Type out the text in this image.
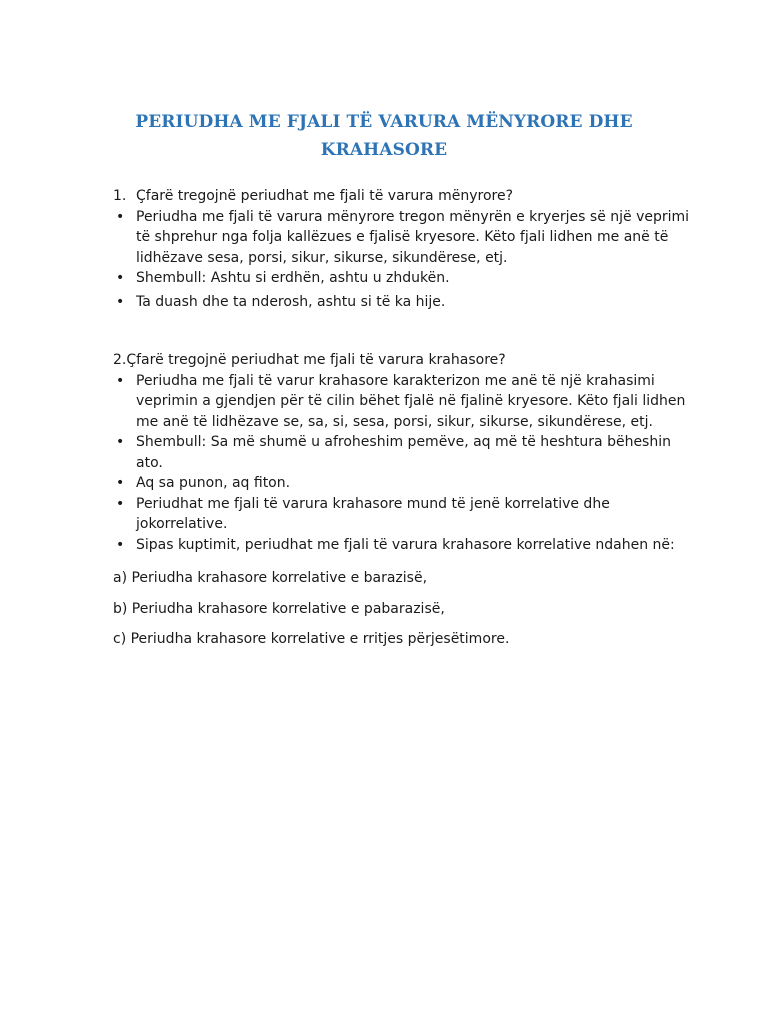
PERIUDHA ME FJALI TË VARURA MËNYRORE DHE
KRAHASORE
1. Çfarë tregojnë periudhat me fjali të varura mënyrore?
• Periudha me fjali të varura mënyrore tregon mënyrën e kryerjes së një veprimi të shprehur nga folja kallëzues e fjalisë kryesore. Këto fjali lidhen me anë të lidhëzave sesa, porsi, sikur, sikurse, sikundërese, etj.
• Shembull: Ashtu si erdhën, ashtu u zhdukën.
• Ta duash dhe ta nderosh, ashtu si të ka hije.

2.Çfarë tregojnë periudhat me fjali të varura krahasore?

• Periudha me fjali të varur krahasore karakterizon me anë të një krahasimi veprimin a gjendjen për të cilin bëhet fjalë në fjalinë kryesore. Këto fjali lidhen me anë të lidhëzave se, sa, si, sesa, porsi, sikur, sikurse, sikundërese, etj.
• Shembull: Sa më shumë u afroheshim pemëve, aq më të heshtura bëheshin ato.
• Aq sa punon, aq fiton.
• Periudhat me fjali të varura krahasore mund të jenë korrelative dhe jokorrelative.
• Sipas kuptimit, periudhat me fjali të varura krahasore korrelative ndahen në:

a) Periudha krahasore korrelative e barazisë,

b) Periudha krahasore korrelative e pabarazisë,

c) Periudha krahasore korrelative e rritjes përjesëtimore.
